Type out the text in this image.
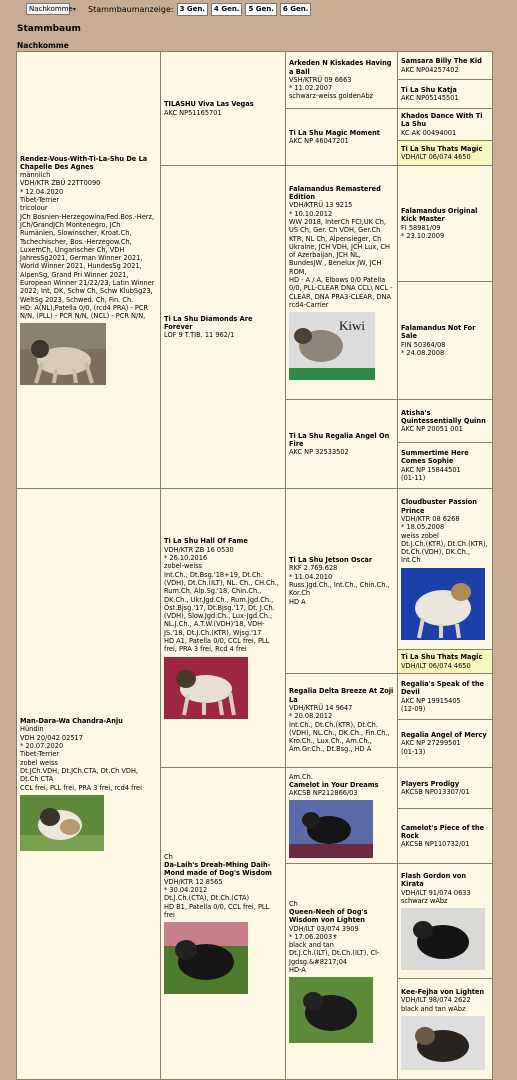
Nachkomme ▾ Stammbaumanzeige: 3 Gen.	4 Gen.	5 Gen.	6 Gen.
Stammbaum
Nachkomme
Rendez-Vous-With-Ti-La-Shu De La Chapelle Des Agnes
männlich
VDH/KTR ZBÜ 22TT0090
* 12.04.2020
Tibet-Terrier
tricolour
JCh Bosnien-Herzegowina/Fed.Bos.-Herz, JCh/GrandJCh Montenegro, JCh Rumänien, Slowinscher, Kroat.Ch, Tschechischer, Bos.-Herzegow.Ch, LuxemCh, Ungarischer Ch, VDH JahresSg2021, German Winner 2021, World Winner 2021, HundesSg 2021, AlpenSg, Grand Pri Winner 2021, European Winner 21/22/23, Latin Winner 2022, Int, DK, Schw Ch, Schw KlubSg23, WeltSg 2023, Schwed. Ch, Fin. Ch.
HD: A(NL),Patella 0/0, (rcd4 PRA) - PCR N/N, (PLL) - PCR N/N, (NCL) - PCR N/N,
Man-Dara-Wa Chandra-Anju
Hündin
VDH 20/042 02517
* 20.07.2020
Tibet-Terrier
zobel weiss
Dt.JCh.VDH, Dt.JCh.CTA, Dt.Ch VDH, Dt.Ch CTA
CCL frei, PLL frei, PRA 3 frei, rcd4 frei
TILASHU Viva Las Vegas
AKC NP51165701
Ti La Shu Diamonds Are Forever
LOF 9 T.TIB. 11 962/1
Ti La Shu Hall Of Fame
VDH/KTR ZB 16 0530
* 26.10.2016
zobel-weiss
Int.Ch., Dt.Bsg.'18+19, Dt.Ch.(VDH), Dt.Ch.(ILT), NL. Ch., CH.Ch., Rum.Ch, Alp.Sg.'18, Chin.Ch., DK.Ch., Ukr.Jgd.Ch., Rum.Jgd.Ch., Öst.Bjsg.'17, Dt.Bjsg.'17, Dt. J.Ch.(VDH), Slow.Jgd.Ch., Lux-Jgd.Ch., NL.J.Ch., A.T.W.(VDH)'18, VDH-JS.'18, Dt.J.Ch.(KTR), Wjsg.'17
HD A1, Patella 0/0, CCL frei, PLL frei, PRA 3 frei, Rcd 4 frei
Ch
Da-Laih's Dreah-Mhing Daih-Mond made of Dog's Wisdom
VDH/KTR 12 8565
* 30.04.2012
Dt.J.Ch.(CTA), Dt.Ch.(CTA)
HD B1, Patella 0/0, CCL frei, PLL frei
Arkeden N Kiskades Having a Ball
VSH/KTRÜ 09 6663
* 11.02.2007
schwarz-weiss goldenAbz
Ti La Shu Magic Moment
AKC NP 46047201
Falamandus Remastered Edition
VDH/KTRÜ 13 9215
* 10.10.2012
WW 2018, InterCh FCI,UK Ch, US Ch, Ger. Ch VDH, Ger.Ch KTR, NL Ch, Alpensieger, Ch Ukraine, JCH VDH, JCH Lux, CH of Azerbaijan, JCH NL, BundesJW , Benelux JW, JCH ROM,
HD - A / A, Elbows 0/0 Patella 0/0, PLL-CLEAR DNA CCL\ NCL -CLEAR, DNA PRA3-CLEAR, DNA rcd4-Carrier
Kiwi
Ti La Shu Regalia Angel On Fire
AKC NP 32533502
Ti La Shu Jetson Oscar
RKF 2.769.628
* 11.04.2010
Russ.Jgd.Ch., Int.Ch., Chin.Ch., Kor.Ch
HD A
Regalia Delta Breeze At Zoji La
VDH/KTRÜ 14 9647
* 20.08.2012
Int.Ch., Dt.Ch.(KTR), Dt.Ch.(VDH), NL.Ch., DK.Ch., Fin.Ch., Kro.Ch., Lux.Ch., Am.Ch., Am.Gr.Ch., Dt.Bsg., HD A
Am.Ch.
Camelot in Your Dreams
AKCSB NP212866/03
Ch
Queen-Neeh of Dog's Wisdom von Lighten
VDH/ILT 03/074 3909
* 17.06.2003✝
black and tan
Dt.J.Ch.(ILT), Dt.Ch.(ILT), Cl-Jgdsg.&#8217;04
HD-A
Samsara Billy The Kid
AKC NP04257402
Ti La Shu Katja
AKC NP05145501
Khados Dance With Ti La Shu
KC AK 00494001
Ti La Shu Thats Magic
VDH/ILT 06/074 4650
Falamandus Original Kick Master
FI 58981/09
* 23.10.2009
Falamandus Not For Sale
FIN 50364/08
* 24.08.2008
Atisha's Quintessentially Quinn
AKC NP 20051 001
Summertime Here Comes Sophie
AKC NP 15844501
(01-11)
Cloudbuster Passion Prince
VDH/KTR 08 6268
* 18.05.2008
weiss zobel
Dt.J.Ch.(KTR), Dt.Ch.(KTR), Dt.Ch.(VDH), DK.Ch., Int.Ch
Ti La Shu Thats Magic
VDH/ILT 06/074 4650
Regalia's Speak of the Devil
AKC NP 19915405
(12-09)
Regalia Angel of Mercy
AKC NP 27299501
(01-13)
Players Prodigy
AKCSB NP013307/01
Camelot's Piece of the Rock
AKCSB NP110732/01
Flash Gordon von Kirata
VDH/ILT 91/074 0633
schwarz wAbz
Kee-Fejha von Lighten
VDH/ILT 98/074 2622
black and tan wAbz
